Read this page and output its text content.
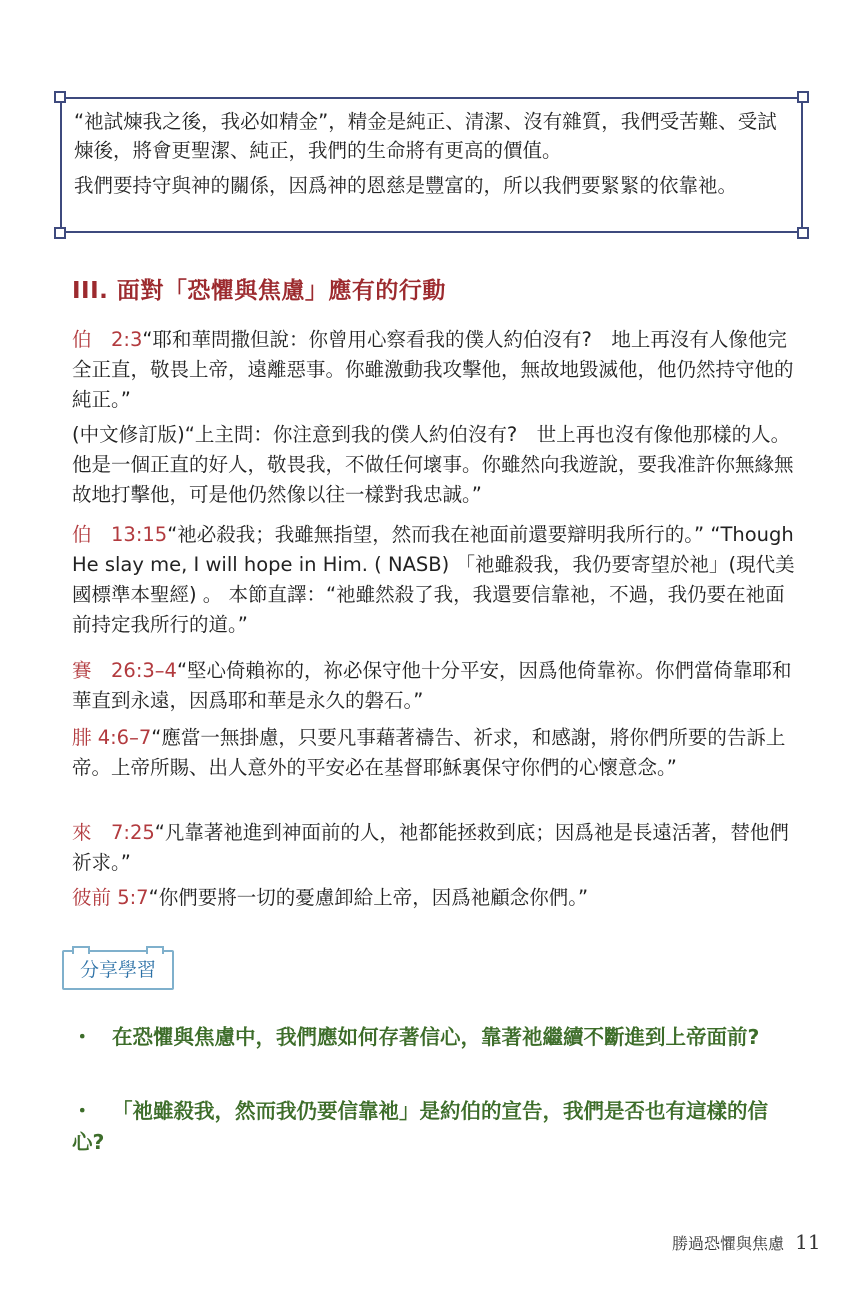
“祂試煉我之後，我必如精金”，精金是純正、清潔、沒有雜質，我們受苦難、受試煉後，將會更聖潔、純正，我們的生命將有更高的價值。

我們要持守與神的關係，因爲神的恩慈是豐富的，所以我們要緊緊的依靠祂。

III. 面對「恐懼與焦慮」應有的行動

伯　2:3“耶和華問撒但說：你曾用心察看我的僕人約伯沒有?　地上再沒有人像他完全正直，敬畏上帝，遠離惡事。你雖激動我攻擊他，無故地毀滅他，他仍然持守他的純正。”

(中文修訂版)“上主問：你注意到我的僕人約伯沒有?　世上再也沒有像他那樣的人。他是一個正直的好人，敬畏我，不做任何壞事。你雖然向我遊說，要我准許你無緣無故地打擊他，可是他仍然像以往一樣對我忠誠。”

伯　13:15“祂必殺我；我雖無指望，然而我在祂面前還要辯明我所行的。” “Though He slay me, I will hope in Him. ( NASB) 「祂雖殺我，我仍要寄望於祂」(現代美國標準本聖經) 。 本節直譯：“祂雖然殺了我，我還要信靠祂，不過，我仍要在祂面前持定我所行的道。”

賽　26:3–4“堅心倚賴祢的，祢必保守他十分平安，因爲他倚靠祢。你們當倚靠耶和華直到永遠，因爲耶和華是永久的磐石。”

腓 4:6–7“應當一無掛慮，只要凡事藉著禱告、祈求，和感謝，將你們所要的告訴上帝。上帝所賜、出人意外的平安必在基督耶穌裏保守你們的心懷意念。”

來　7:25“凡靠著祂進到神面前的人，祂都能拯救到底；因爲祂是長遠活著，替他們祈求。”

彼前 5:7“你們要將一切的憂慮卸給上帝，因爲祂顧念你們。”

分享學習
・ 在恐懼與焦慮中，我們應如何存著信心，靠著祂繼續不斷進到上帝面前?
・ 「祂雖殺我，然而我仍要信靠祂」是約伯的宣告，我們是否也有這樣的信心?
勝過恐懼與焦慮 11
